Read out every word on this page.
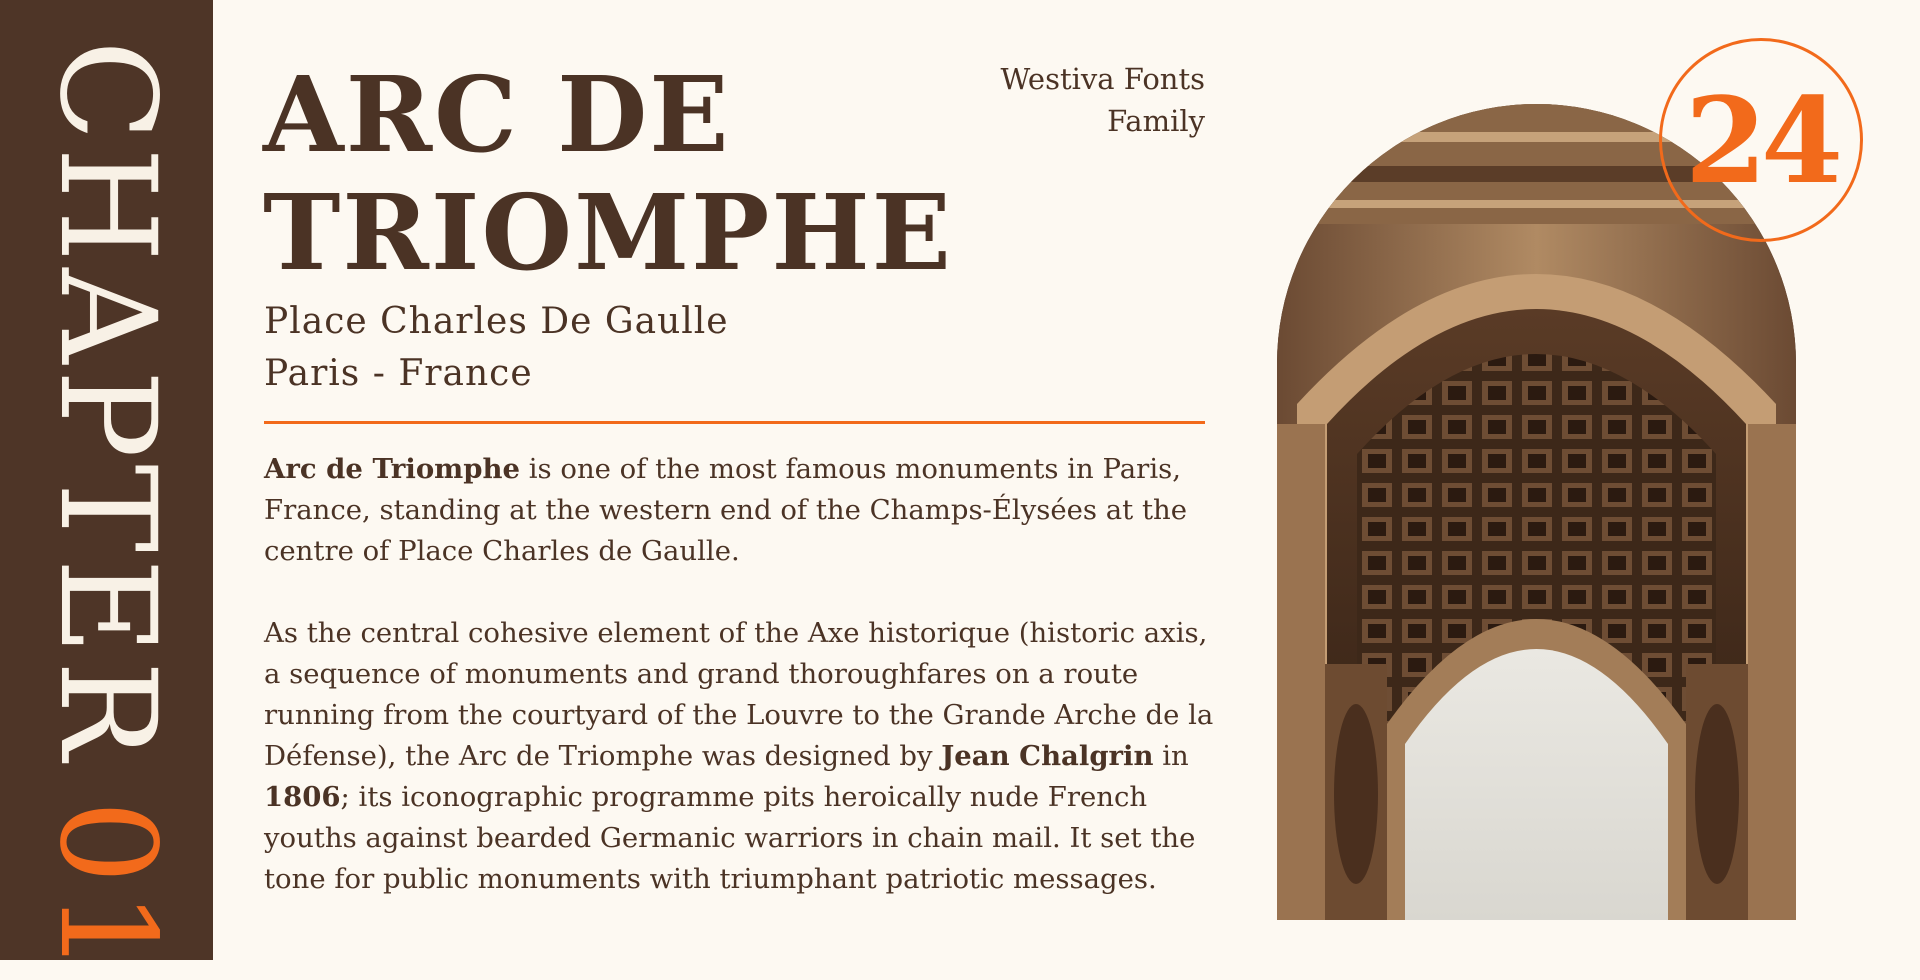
CHAPTER01
ARC DE
TRIOMPHE
Westiva Fonts
Family
Place Charles De Gaulle
Paris - France

Arc de Triomphe is one of the most famous monuments in Paris, France, standing at the western end of the Champs-Élysées at the centre of Place Charles de Gaulle.

As the central cohesive element of the Axe historique (historic axis, a sequence of monuments and grand thoroughfares on a route running from the courtyard of the Louvre to the Grande Arche de la Défense), the Arc de Triomphe was designed by Jean Chalgrin in 1806; its iconographic programme pits heroically nude French youths against bearded Germanic warriors in chain mail. It set the tone for public monuments with triumphant patriotic messages.

24
